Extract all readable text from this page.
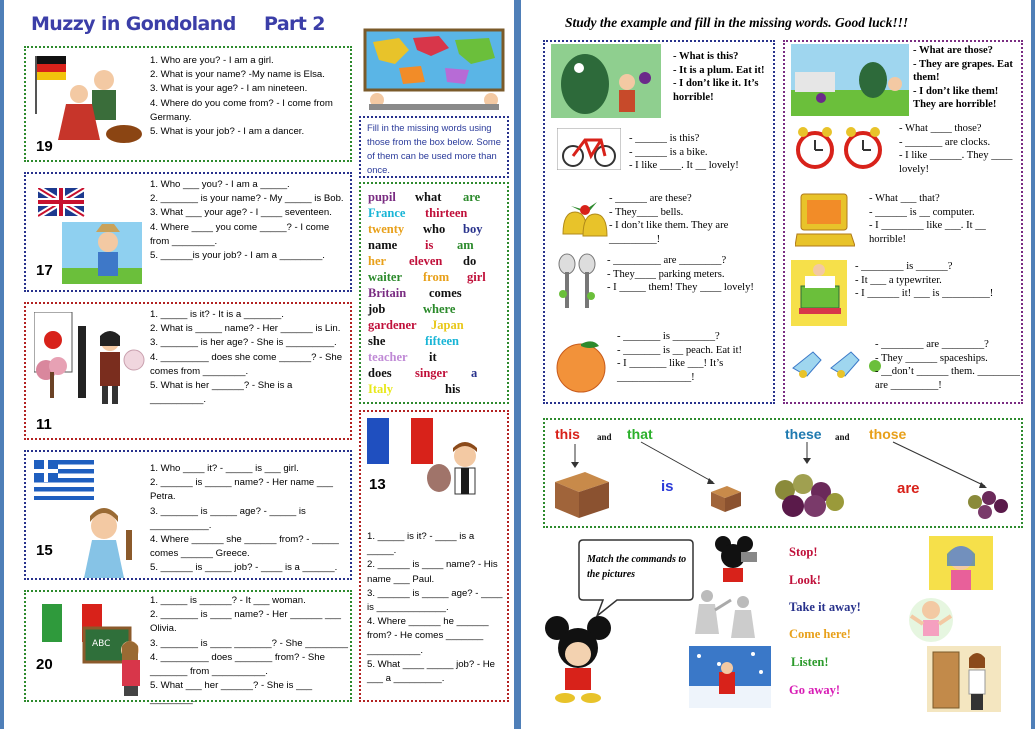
Muzzy in Gondoland Part 2
19
1. Who are you? - I am a girl.
2. What is your name? -My name is Elsa.
3. What is your age? - I am nineteen.
4. Where do you come from? - I come from Germany.
5. What is your job? - I am a dancer.
17
1. Who ___ you? - I am a _____.
2. _______ is your name? - My _____ is Bob.
3. What ___ your age? - I ____ seventeen.
4. Where ____ you come _____? - I come from ________.
5. ______is your job? - I am a ________.
11
1. _____ is it? - It is a _______.
2. What is _____ name? - Her ______ is Lin.
3. _______ is her age? - She is _________.
4. _________ does she come ______? - She comes from ________.
5. What is her ______? - She is a __________.
15
1. Who ____ it? - _____ is ___ girl.
2. ______ is _____ name? - Her name ___ Petra.
3. _______ is _____ age? - _____ is ___________.
4. Where ______ she ______ from? - _____ comes ______ Greece.
5. ______ is _____ job? - ____ is a ______.
ABC
20
1. _____ is ______? - It ___ woman.
2. _______ is ____ name? - Her ______ ___ Olivia.
3. _______ is ____ _______? - She ________
4. _________ does _______ from? - She _______ from __________.
5. What ___ her ______? - She is ___ ________.
Fill in the missing words using those from the box below. Some of them can be used more than once.
pupil what are
France thirteen
twenty who boy
name is am
her eleven do
waiter from girl
Britain comes
job	where
gardener Japan
she	fifteen
teacher it
does singer a
Italy	his
13
1. _____ is it? - ____ is a _____.
2. ______ is ____ name? - His name ___ Paul.
3. ______ is _____ age? - ____ is _____________.
4. Where ______ he ______ from? - He comes _______ __________.
5. What ____ _____ job? - He ___ a _________.
Study the example and fill in the missing words. Good luck!!!
- What is this?
- It is a plum. Eat it!
- I don’t like it. It’s horrible!
- ______ is this?
- ______ is a bike.
- I like ____. It __ lovely!
- ______ are these?
- They____ bells.
- I don’t like them. They are _________!
- _________ are ________?
- They____ parking meters.
- I _____ them! They ____ lovely!
- _______ is ________?
- _______ is __ peach. Eat it!
- I _______ like ___! It’s ______________!
- What are those?
- They are grapes. Eat them!
- I don’t like them! They are horrible!
- What ____ those?
- _______ are clocks.
- I like ______. They ____ lovely!
- What ___ that?
- ______ is __ computer.
- I ________ like ___. It __ horrible!
- ________ is ______?
- It ___ a typewriter.
- I ______ it! ___ is _________!
- ________ are ________?
- They ______ spaceships.
- __don’t ______ them. ________ are _________!
this and that	these and those
is	are
Match the commands to the pictures
Stop!
Look!
Take it away!
Come here!
Listen!
Go away!
